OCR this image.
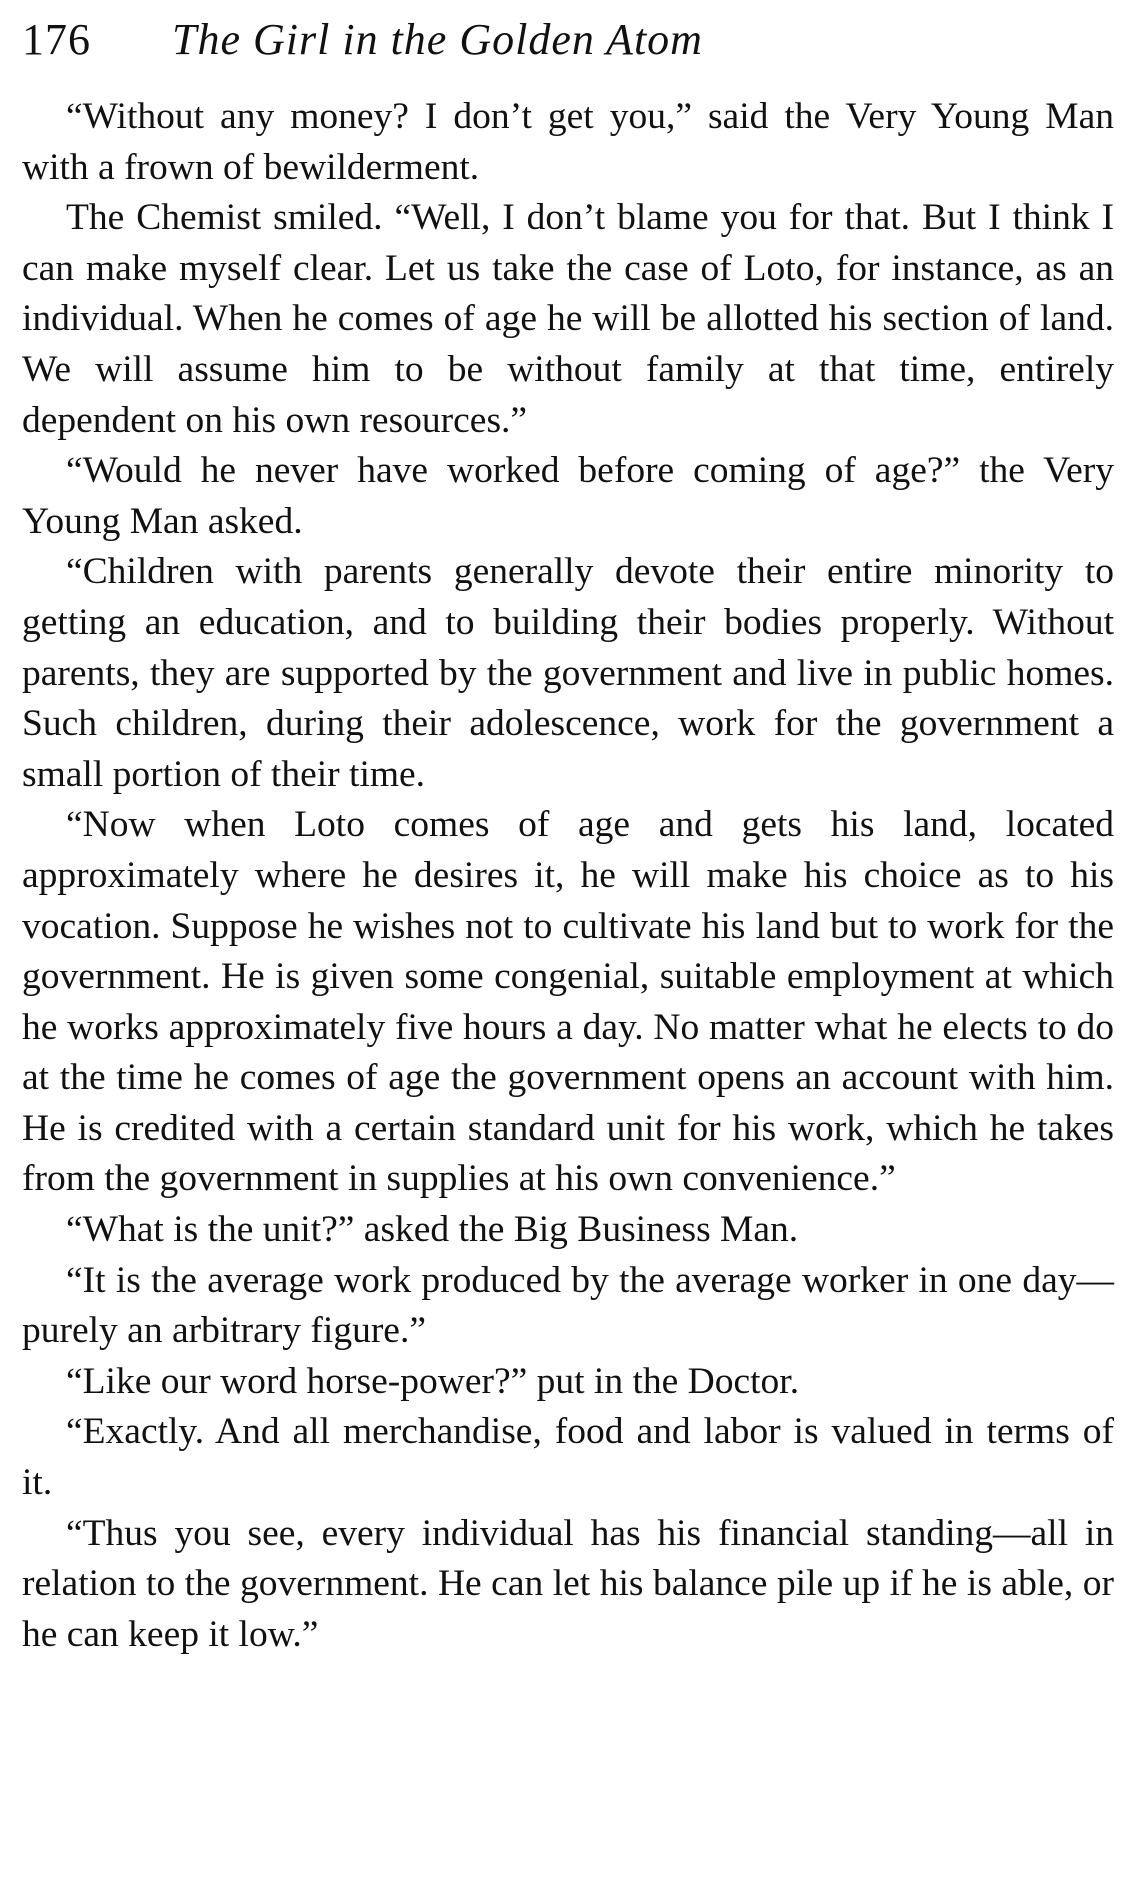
176	The Girl in the Golden Atom

“Without any money? I don’t get you,” said the Very Young Man with a frown of bewilderment.

The Chemist smiled. “Well, I don’t blame you for that. But I think I can make myself clear. Let us take the case of Loto, for instance, as an individual. When he comes of age he will be allotted his section of land. We will assume him to be without family at that time, entirely dependent on his own resources.”

“Would he never have worked before coming of age?” the Very Young Man asked.

“Children with parents generally devote their entire minority to getting an education, and to building their bodies properly. Without parents, they are supported by the government and live in public homes. Such children, during their adolescence, work for the government a small portion of their time.

“Now when Loto comes of age and gets his land, located approximately where he desires it, he will make his choice as to his vocation. Suppose he wishes not to cultivate his land but to work for the government. He is given some congenial, suitable employment at which he works approximately five hours a day. No matter what he elects to do at the time he comes of age the government opens an account with him. He is credited with a certain standard unit for his work, which he takes from the government in supplies at his own convenience.”

“What is the unit?” asked the Big Business Man.

“It is the average work produced by the average worker in one day—purely an arbitrary figure.”

“Like our word horse-power?” put in the Doctor.

“Exactly. And all merchandise, food and labor is valued in terms of it.

“Thus you see, every individual has his financial standing—all in relation to the government. He can let his balance pile up if he is able, or he can keep it low.”
